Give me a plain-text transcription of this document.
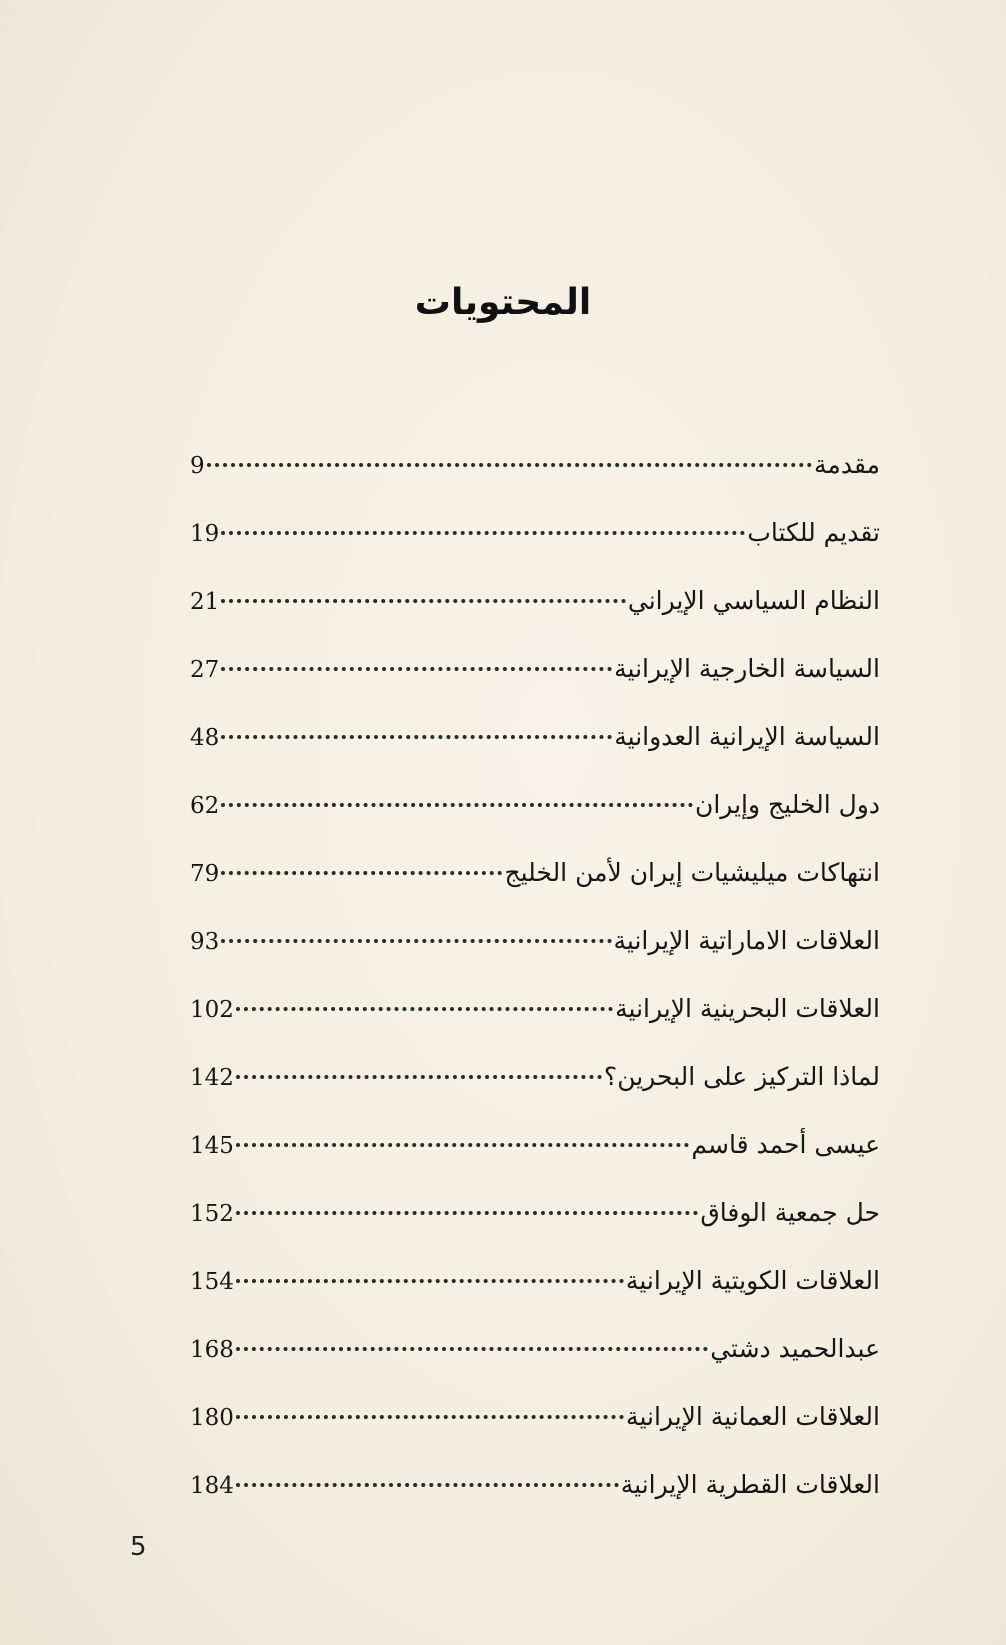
المحتويات
مقدمة
9
تقديم للكتاب
19
النظام السياسي الإيراني
21
السياسة الخارجية الإيرانية
27
السياسة الإيرانية العدوانية
48
دول الخليج وإيران
62
انتهاكات ميليشيات إيران لأمن الخليج
79
العلاقات الاماراتية الإيرانية
93
العلاقات البحرينية الإيرانية
102
لماذا التركيز على البحرين؟
142
عيسى أحمد قاسم
145
حل جمعية الوفاق
152
العلاقات الكويتية الإيرانية
154
عبدالحميد دشتي
168
العلاقات العمانية الإيرانية
180
العلاقات القطرية الإيرانية
184
5
